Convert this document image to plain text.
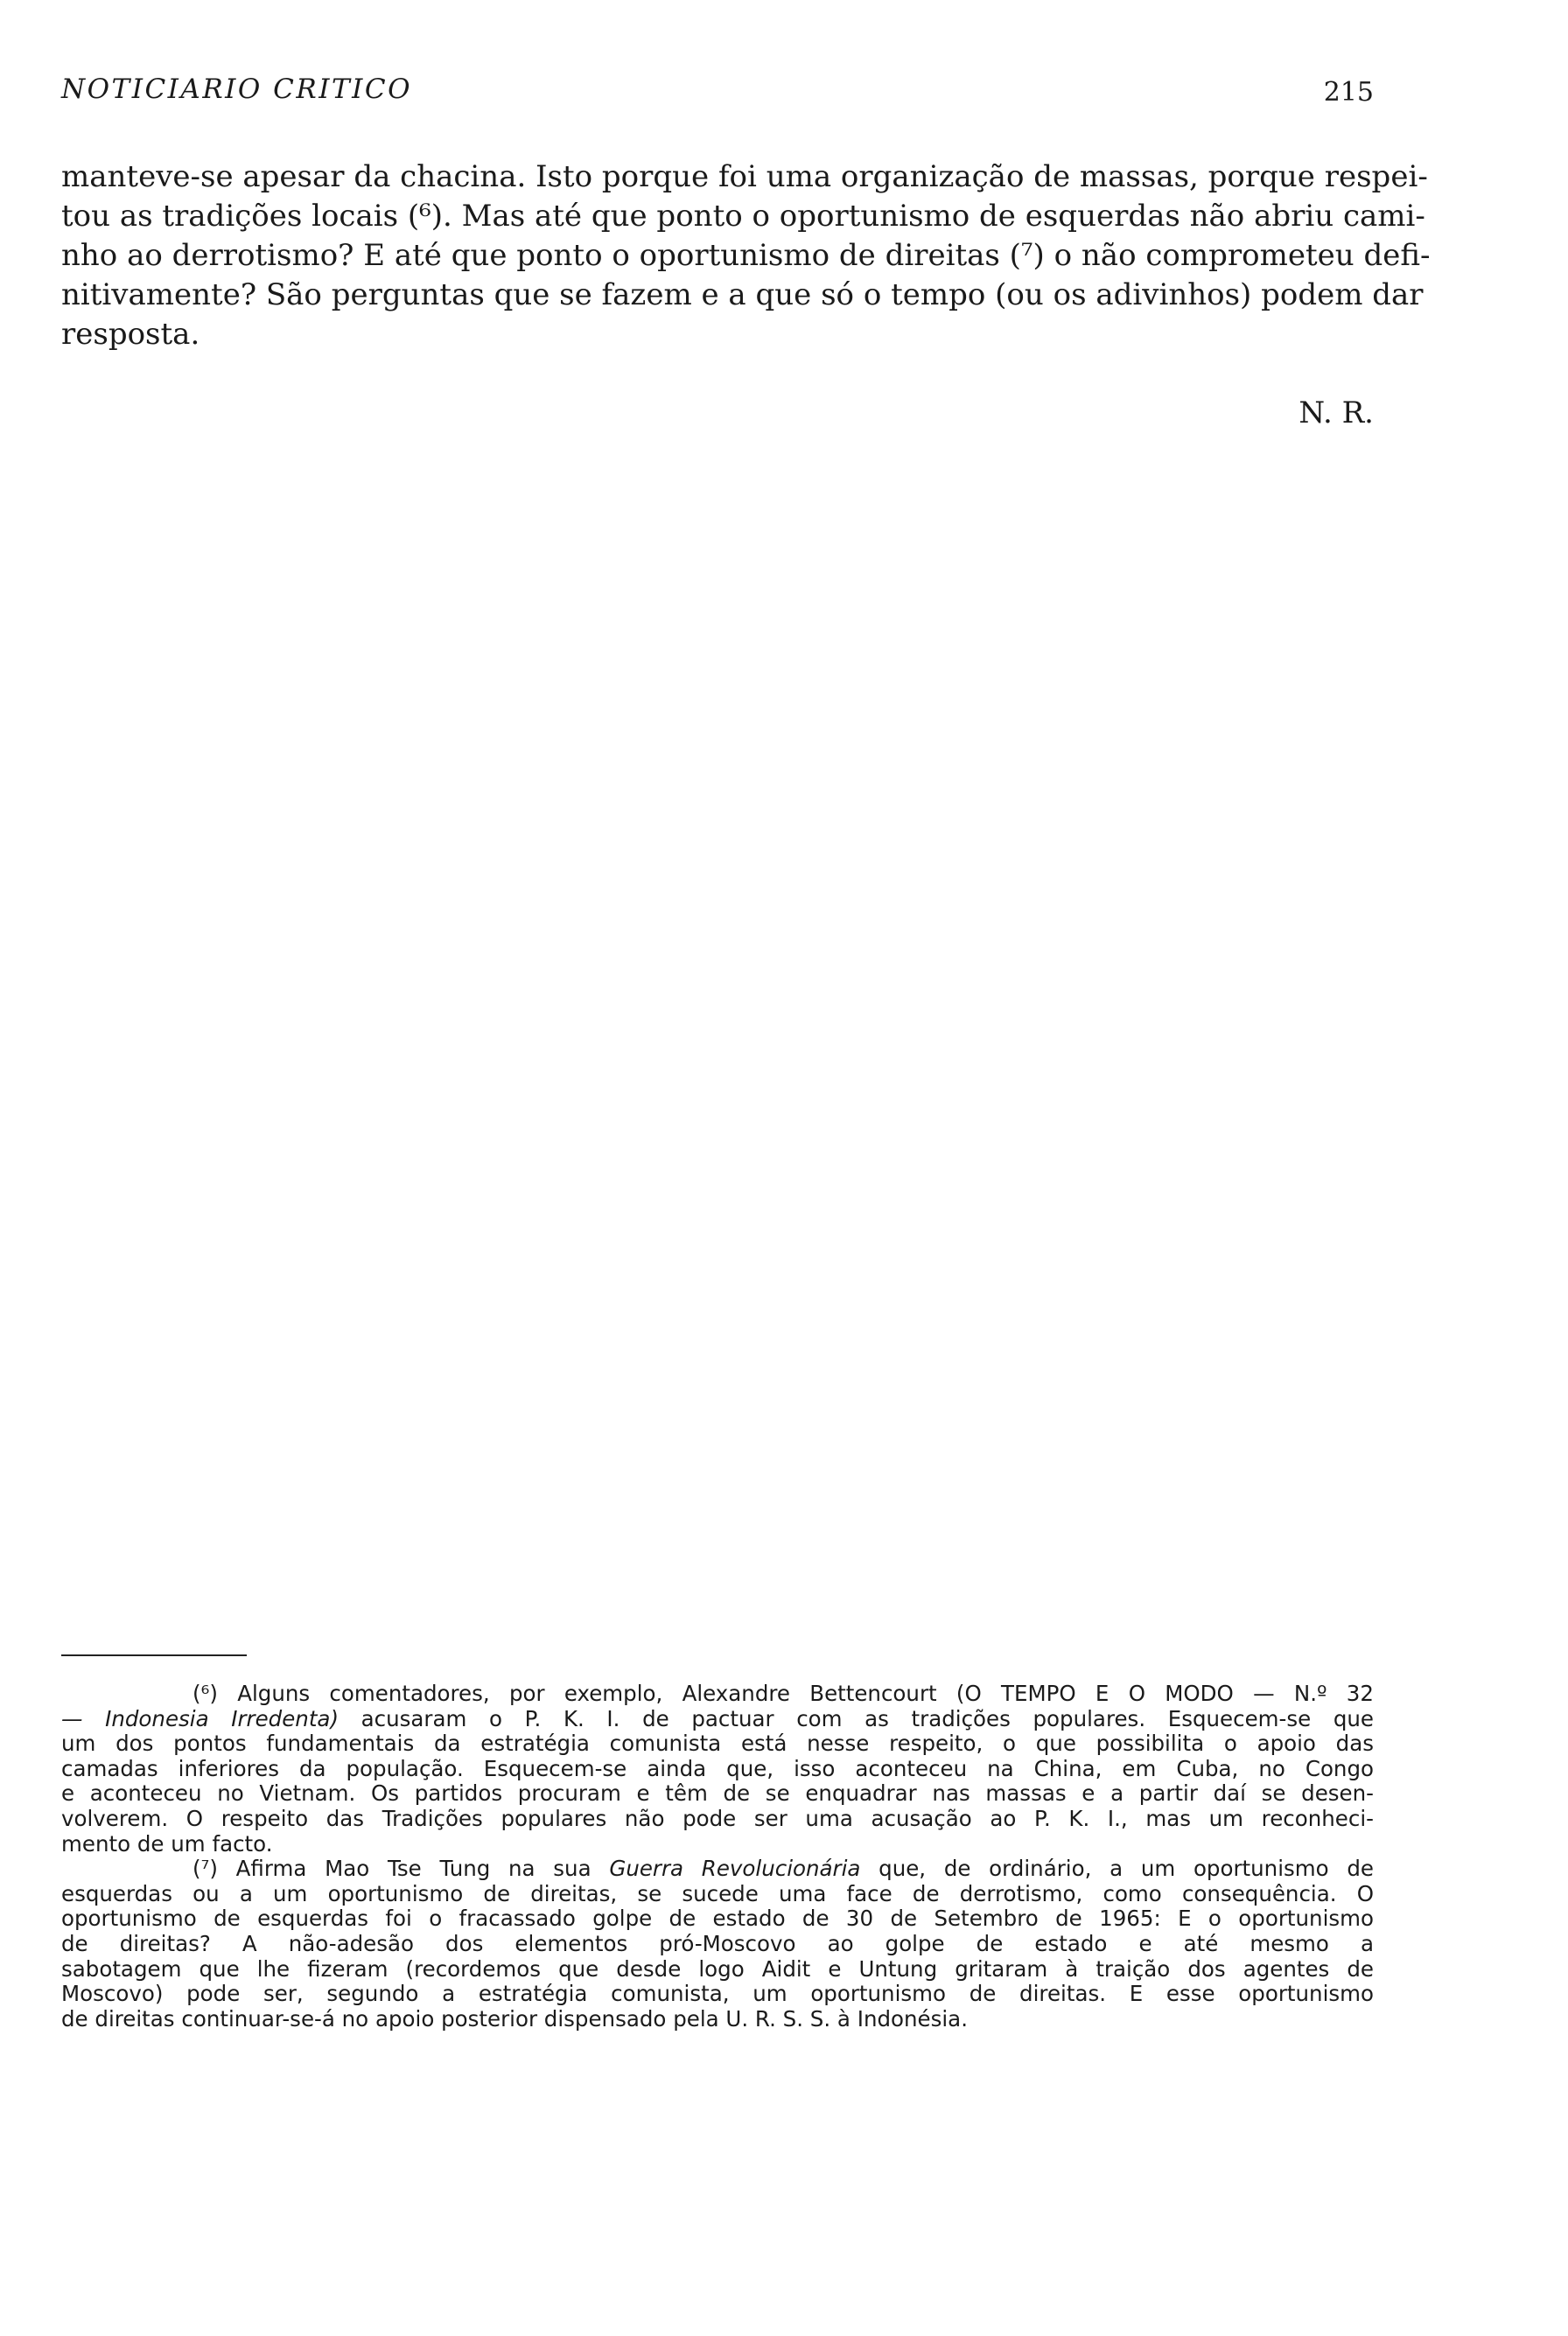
NOTICIARIO CRITICO	215
manteve-se apesar da chacina. Isto porque foi uma organização de massas, porque respei-
tou as tradições locais (⁶). Mas até que ponto o oportunismo de esquerdas não abriu cami-
nho ao derrotismo? E até que ponto o oportunismo de direitas (⁷) o não comprometeu defi-
nitivamente? São perguntas que se fazem e a que só o tempo (ou os adivinhos) podem dar
resposta.
N. R.
(⁶) Alguns comentadores, por exemplo, Alexandre Bettencourt (O TEMPO E O MODO — N.º 32
— Indonesia Irredenta) acusaram o P. K. I. de pactuar com as tradições populares. Esquecem-se que
um dos pontos fundamentais da estratégia comunista está nesse respeito, o que possibilita o apoio das
camadas inferiores da população. Esquecem-se ainda que, isso aconteceu na China, em Cuba, no Congo
e aconteceu no Vietnam. Os partidos procuram e têm de se enquadrar nas massas e a partir daí se desen-
volverem. O respeito das Tradições populares não pode ser uma acusação ao P. K. I., mas um reconheci-
mento de um facto.
(⁷) Afirma Mao Tse Tung na sua Guerra Revolucionária que, de ordinário, a um oportunismo de
esquerdas ou a um oportunismo de direitas, se sucede uma face de derrotismo, como consequência. O
oportunismo de esquerdas foi o fracassado golpe de estado de 30 de Setembro de 1965: E o oportunismo
de direitas? A não-adesão dos elementos pró-Moscovo ao golpe de estado e até mesmo a
sabotagem que lhe fizeram (recordemos que desde logo Aidit e Untung gritaram à traição dos agentes de
Moscovo) pode ser, segundo a estratégia comunista, um oportunismo de direitas. E esse oportunismo
de direitas continuar-se-á no apoio posterior dispensado pela U. R. S. S. à Indonésia.
